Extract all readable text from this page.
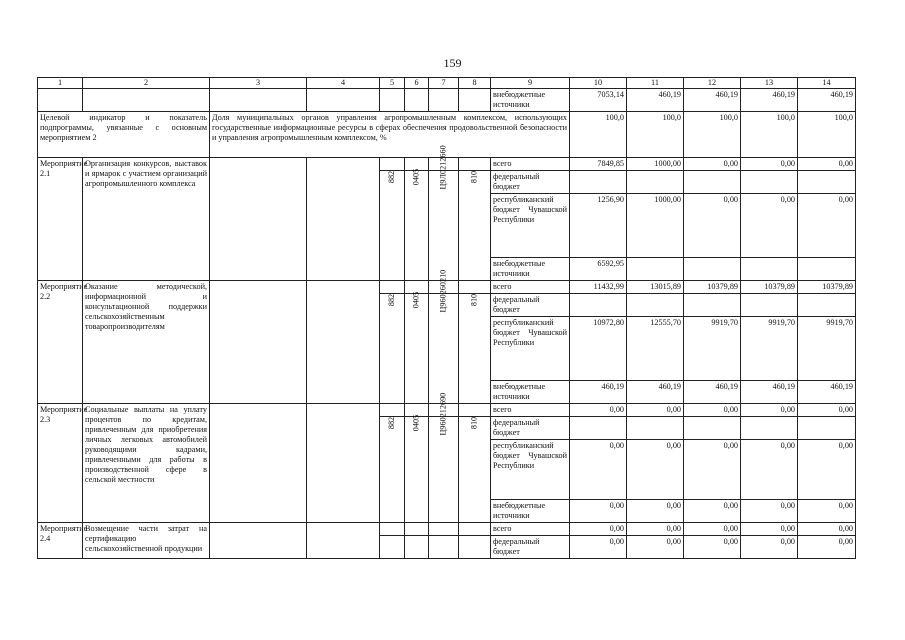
159
1	2	3	4	5	6	7	8	9	10	11	12	13	14
								внебюджетные источники	7053,14	460,19	460,19	460,19	460,19
Целевой индикатор и показатель подпрограммы, увязанные с основным мероприятием 2		Доля муниципальных органов управления агропромышленным комплексом, использующих государственные информационные ресурсы в сферах обеспечения продовольственной безопасности и управления агропромышленным комплексом, %							100,0	100,0	100,0	100,0	100,0
Мероприятие 2.1	Организация конкурсов, выставок и ярмарок с участием организаций агропромышленного комплекса							всего	7849,85	1000,00	0,00	0,00	0,00

				882	0405	Ц9Л0212660	810	федеральный бюджет					
								республиканский бюджет Чувашской Республики	1256,90	1000,00	0,00	0,00	0,00
								внебюджетные источники	6592,95				
Мероприятие 2.2	Оказание методической, информационной и консультационной поддержки сельскохозяйственным товаропроизводителям							всего	11432,99	13015,89	10379,89	10379,89	10379,89

				882	0405	Ц960260210	810	федеральный бюджет					
								республиканский бюджет Чувашской Республики	10972,80	12555,70	9919,70	9919,70	9919,70
								внебюджетные источники	460,19	460,19	460,19	460,19	460,19
Мероприятие 2.3	Социальные выплаты на уплату процентов по кредитам, привлеченным для приобретения личных легковых автомобилей руководящими кадрами, привлеченными для работы в производственной сфере в сельской местности							всего	0,00	0,00	0,00	0,00	0,00

				882	0405	Ц960212690	810	федеральный бюджет					
								республиканский бюджет Чувашской Республики	0,00	0,00	0,00	0,00	0,00
								внебюджетные источники	0,00	0,00	0,00	0,00	0,00
Мероприятие 2.4	Возмещение части затрат на сертификацию сельскохозяйственной продукции							всего	0,00	0,00	0,00	0,00	0,00
								федеральный бюджет	0,00	0,00	0,00	0,00	0,00
